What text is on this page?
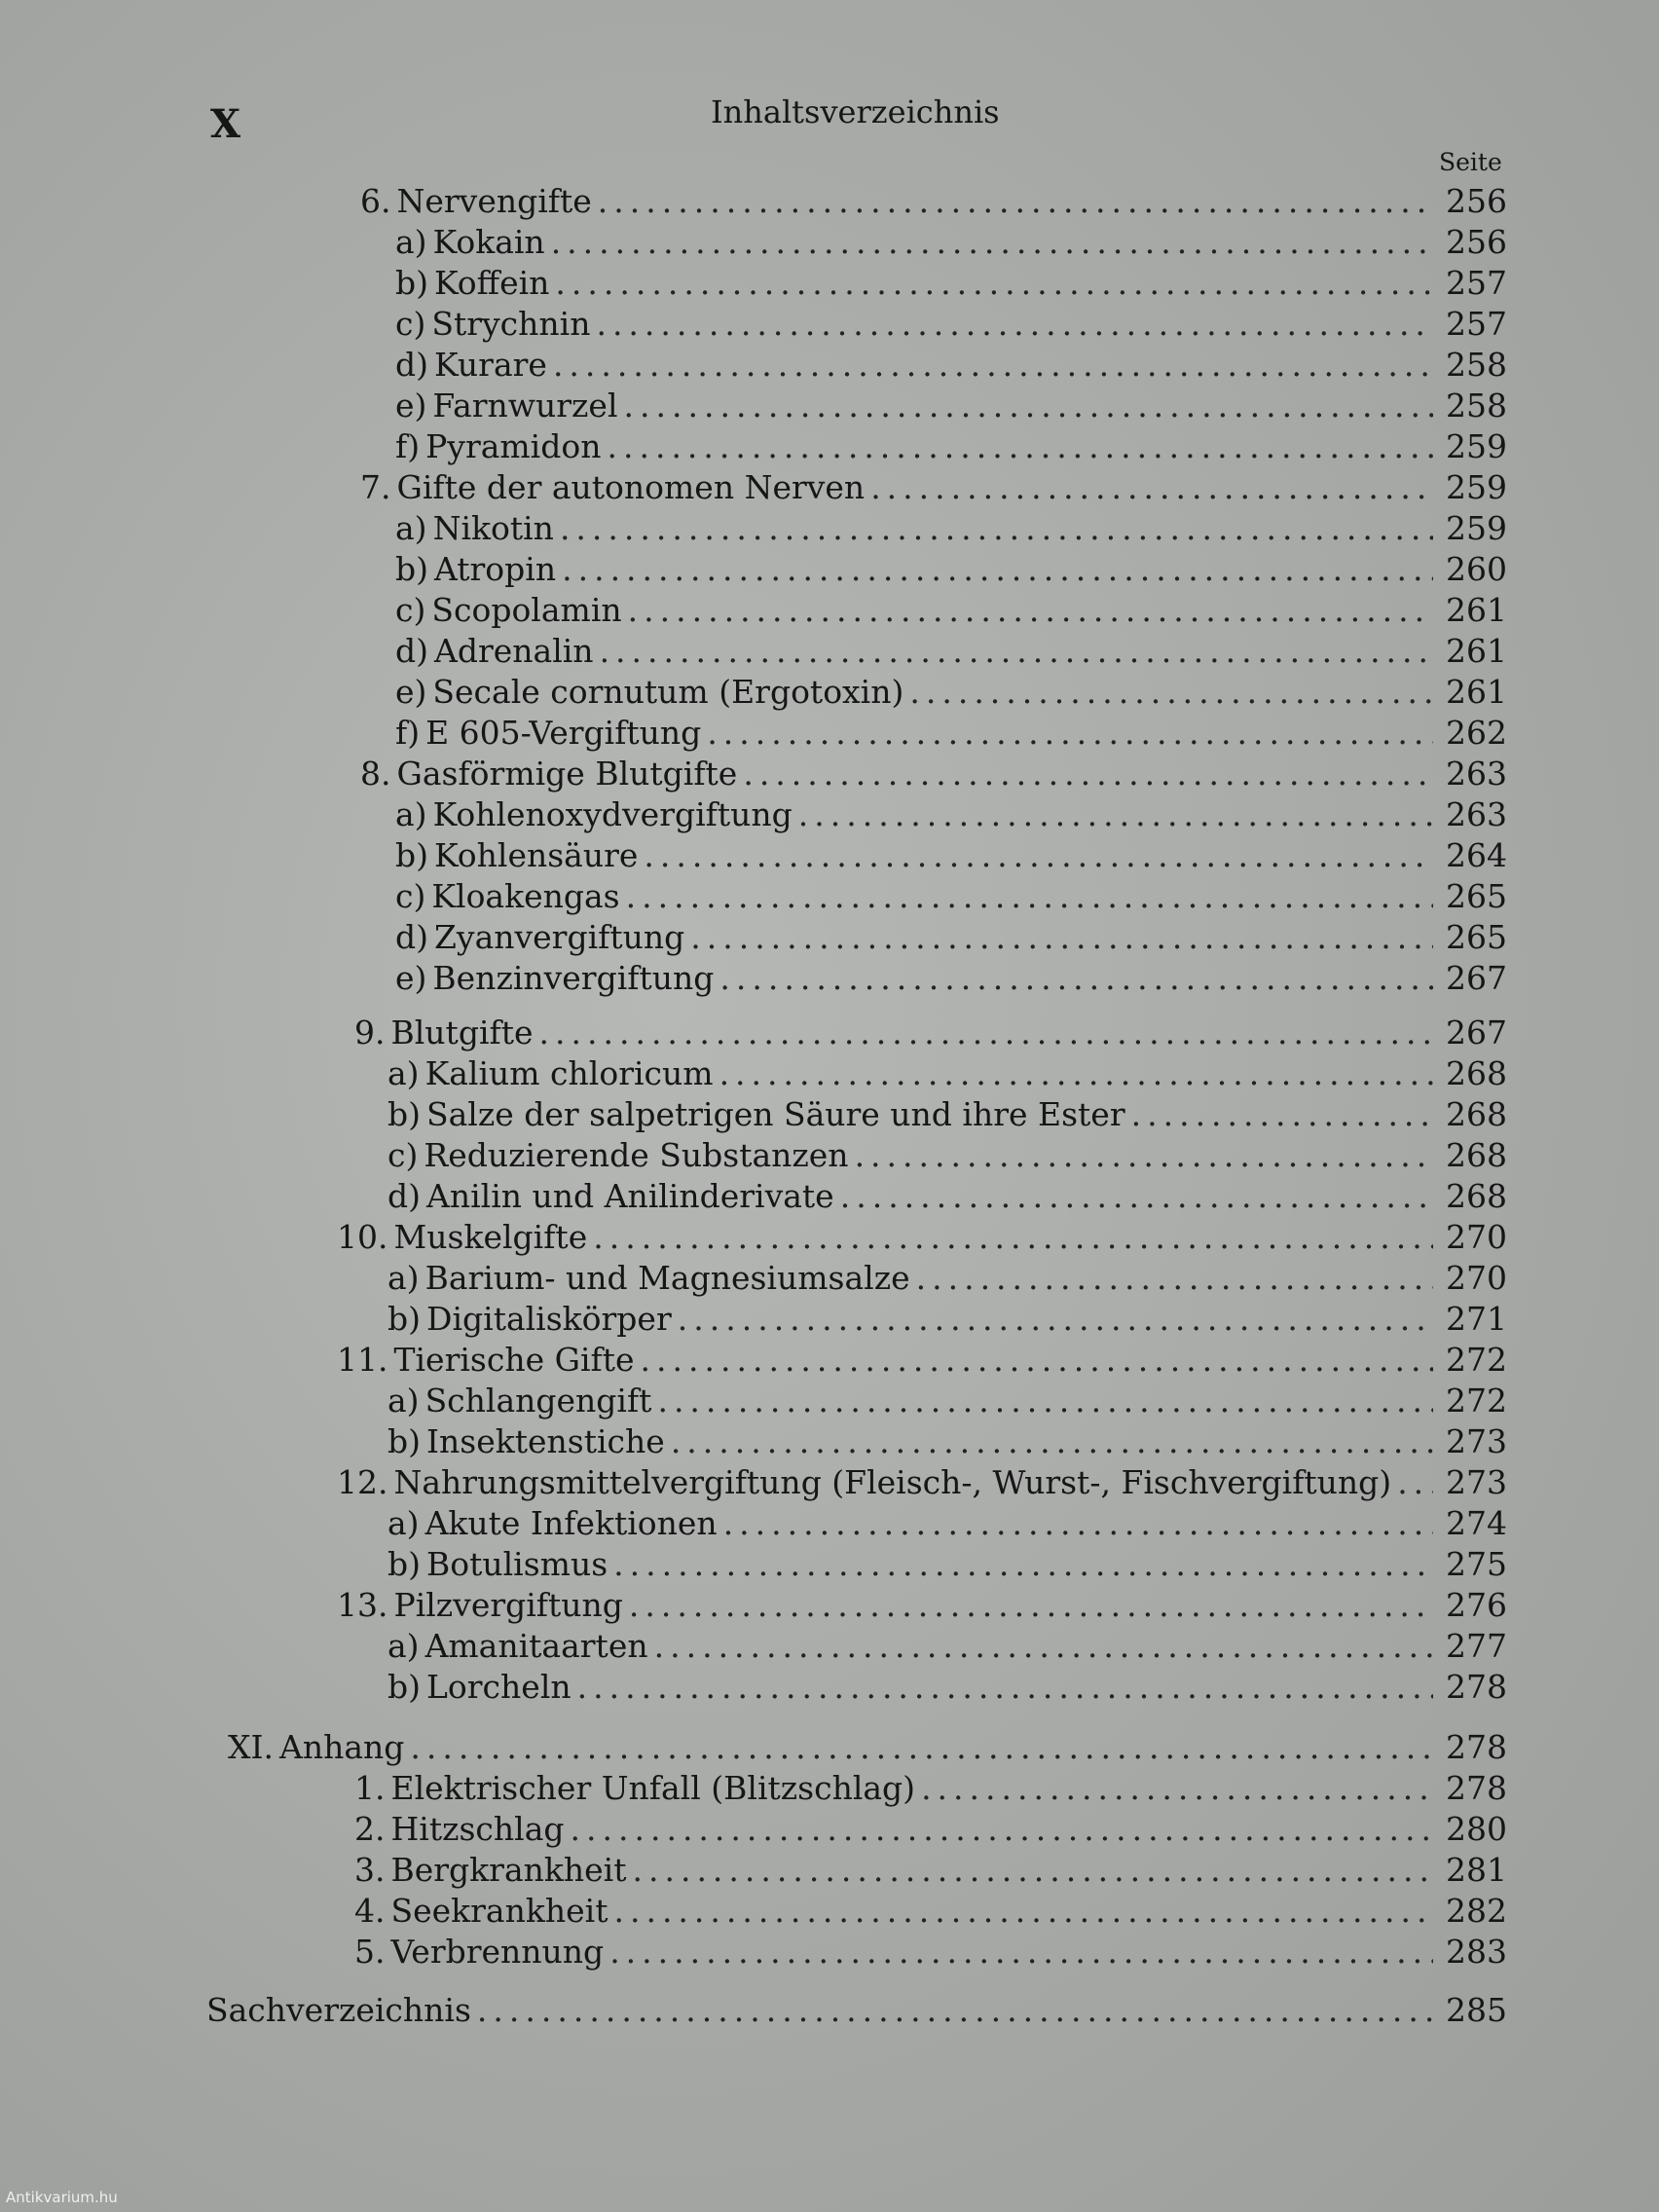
X	Inhaltsverzeichnis
Seite
6. Nervengifte .....	256
a) Kokain .....	256
b) Koffein .....	257
c) Strychnin .....	257
d) Kurare .....	258
e) Farnwurzel .....	258
f) Pyramidon .....	259
7. Gifte der autonomen Nerven .....	259
a) Nikotin .....	259
b) Atropin .....	260
c) Scopolamin .....	261
d) Adrenalin .....	261
e) Secale cornutum (Ergotoxin) .....	261
f) E 605-Vergiftung .....	262
8. Gasförmige Blutgifte .....	263
a) Kohlenoxydvergiftung .....	263
b) Kohlensäure .....	264
c) Kloakengas .....	265
d) Zyanvergiftung .....	265
e) Benzinvergiftung .....	267
9. Blutgifte .....	267
a) Kalium chloricum .....	268
b) Salze der salpetrigen Säure und ihre Ester .....	268
c) Reduzierende Substanzen .....	268
d) Anilin und Anilinderivate .....	268
10. Muskelgifte .....	270
a) Barium- und Magnesiumsalze .....	270
b) Digitaliskörper .....	271
11. Tierische Gifte .....	272
a) Schlangengift .....	272
b) Insektenstiche .....	273
12. Nahrungsmittelvergiftung (Fleisch-, Wurst-, Fischvergiftung) ..... 273
a) Akute Infektionen .....	274
b) Botulismus .....	275
13. Pilzvergiftung .....	276
a) Amanitaarten .....	277
b) Lorcheln .....	278
XI. Anhang .....	278
1. Elektrischer Unfall (Blitzschlag) .....	278
2. Hitzschlag .....	280
3. Bergkrankheit .....	281
4. Seekrankheit .....	282
5. Verbrennung .....	283
Sachverzeichnis .....	285
Antikvarium.hu
